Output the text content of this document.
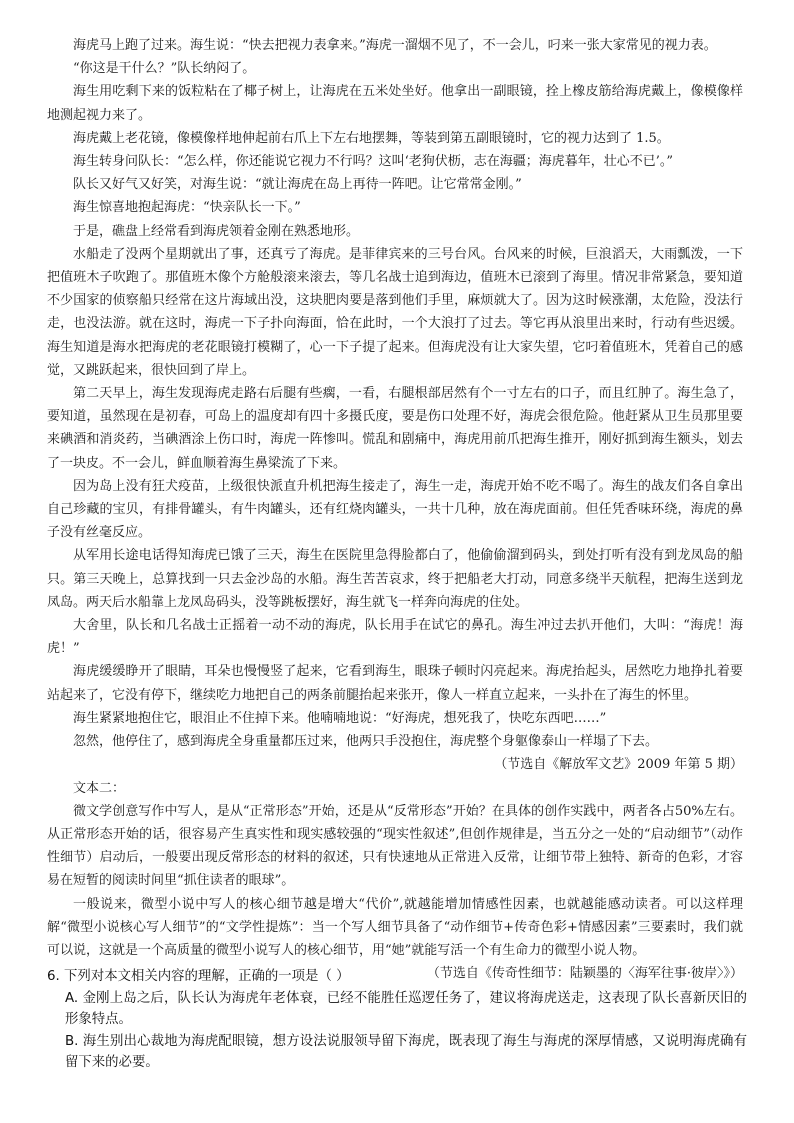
海虎马上跑了过来。海生说：“快去把视力表拿来。”海虎一溜烟不见了，不一会儿，叼来一张大家常见的视力表。

“你这是干什么？”队长纳闷了。

海生用吃剩下来的饭粒粘在了椰子树上，让海虎在五米处坐好。他拿出一副眼镜，拴上橡皮筋给海虎戴上，像模像样地测起视力来了。

海虎戴上老花镜，像模像样地伸起前右爪上下左右地摆舞，等装到第五副眼镜时，它的视力达到了 1.5。

海生转身问队长：“怎么样，你还能说它视力不行吗？这叫‘老狗伏枥，志在海疆；海虎暮年，壮心不已’。”

队长又好气又好笑，对海生说：“就让海虎在岛上再待一阵吧。让它常常金刚。”

海生惊喜地抱起海虎：“快亲队长一下。”

于是，礁盘上经常看到海虎领着金刚在熟悉地形。

水船走了没两个星期就出了事，还真亏了海虎。是菲律宾来的三号台风。台风来的时候，巨浪滔天，大雨瓢泼，一下把值班木子吹跑了。那值班木像个方舱般滚来滚去，等几名战士追到海边，值班木已滚到了海里。情况非常紧急，要知道不少国家的侦察船只经常在这片海域出没，这块肥肉要是落到他们手里，麻烦就大了。因为这时候涨潮，太危险，没法行走，也没法游。就在这时，海虎一下子扑向海面，恰在此时，一个大浪打了过去。等它再从浪里出来时，行动有些迟缓。海生知道是海水把海虎的老花眼镜打模糊了，心一下子提了起来。但海虎没有让大家失望，它叼着值班木，凭着自己的感觉，又跳跃起来，很快回到了岸上。

第二天早上，海生发现海虎走路右后腿有些瘸，一看，右腿根部居然有个一寸左右的口子，而且红肿了。海生急了，要知道，虽然现在是初春，可岛上的温度却有四十多摄氏度，要是伤口处理不好，海虎会很危险。他赶紧从卫生员那里要来碘酒和消炎药，当碘酒涂上伤口时，海虎一阵惨叫。慌乱和剧痛中，海虎用前爪把海生推开，刚好抓到海生额头，划去了一块皮。不一会儿，鲜血顺着海生鼻梁流了下来。

因为岛上没有狂犬疫苗，上级很快派直升机把海生接走了，海生一走，海虎开始不吃不喝了。海生的战友们各自拿出自己珍藏的宝贝，有排骨罐头，有牛肉罐头，还有红烧肉罐头，一共十几种，放在海虎面前。但任凭香味环绕，海虎的鼻子没有丝毫反应。

从军用长途电话得知海虎已饿了三天，海生在医院里急得脸都白了，他偷偷溜到码头，到处打听有没有到龙凤岛的船只。第三天晚上，总算找到一只去金沙岛的水船。海生苦苦哀求，终于把船老大打动，同意多绕半天航程，把海生送到龙凤岛。两天后水船靠上龙凤岛码头，没等跳板摆好，海生就飞一样奔向海虎的住处。

大舍里，队长和几名战士正摇着一动不动的海虎，队长用手在试它的鼻孔。海生冲过去扒开他们，大叫：“海虎！海虎！”

海虎缓缓睁开了眼睛，耳朵也慢慢竖了起来，它看到海生，眼珠子顿时闪亮起来。海虎抬起头，居然吃力地挣扎着要站起来了，它没有停下，继续吃力地把自己的两条前腿抬起来张开，像人一样直立起来，一头扑在了海生的怀里。

海生紧紧地抱住它，眼泪止不住掉下来。他喃喃地说：“好海虎，想死我了，快吃东西吧……”

忽然，他停住了，感到海虎全身重量都压过来，他两只手没抱住，海虎整个身躯像泰山一样塌了下去。

（节选自《解放军文艺》2009 年第 5 期）

文本二：

微文学创意写作中写人，是从“正常形态”开始，还是从“反常形态”开始？在具体的创作实践中，两者各占50%左右。从正常形态开始的话，很容易产生真实性和现实感较强的“现实性叙述”,但创作规律是，当五分之一处的“启动细节”（动作性细节）启动后，一般要出现反常形态的材料的叙述，只有快速地从正常进入反常，让细节带上独特、新奇的色彩，才容易在短暂的阅读时间里“抓住读者的眼球”。

一般说来，微型小说中写人的核心细节越是增大“代价”,就越能增加情感性因素，也就越能感动读者。可以这样理解“微型小说核心写人细节”的“文学性提炼”：当一个写人细节具备了“动作细节+传奇色彩+情感因素”三要素时，我们就可以说，这就是一个高质量的微型小说写人的核心细节，用“她”就能写活一个有生命力的微型小说人物。

（节选自《传奇性细节：陆颖墨的〈海军往事·彼岸〉》）

6. 下列对本文相关内容的理解，正确的一项是（ ）

A. 金刚上岛之后，队长认为海虎年老体衰，已经不能胜任巡逻任务了，建议将海虎送走，这表现了队长喜新厌旧的形象特点。

B. 海生别出心裁地为海虎配眼镜，想方设法说服领导留下海虎，既表现了海生与海虎的深厚情感，又说明海虎确有留下来的必要。
